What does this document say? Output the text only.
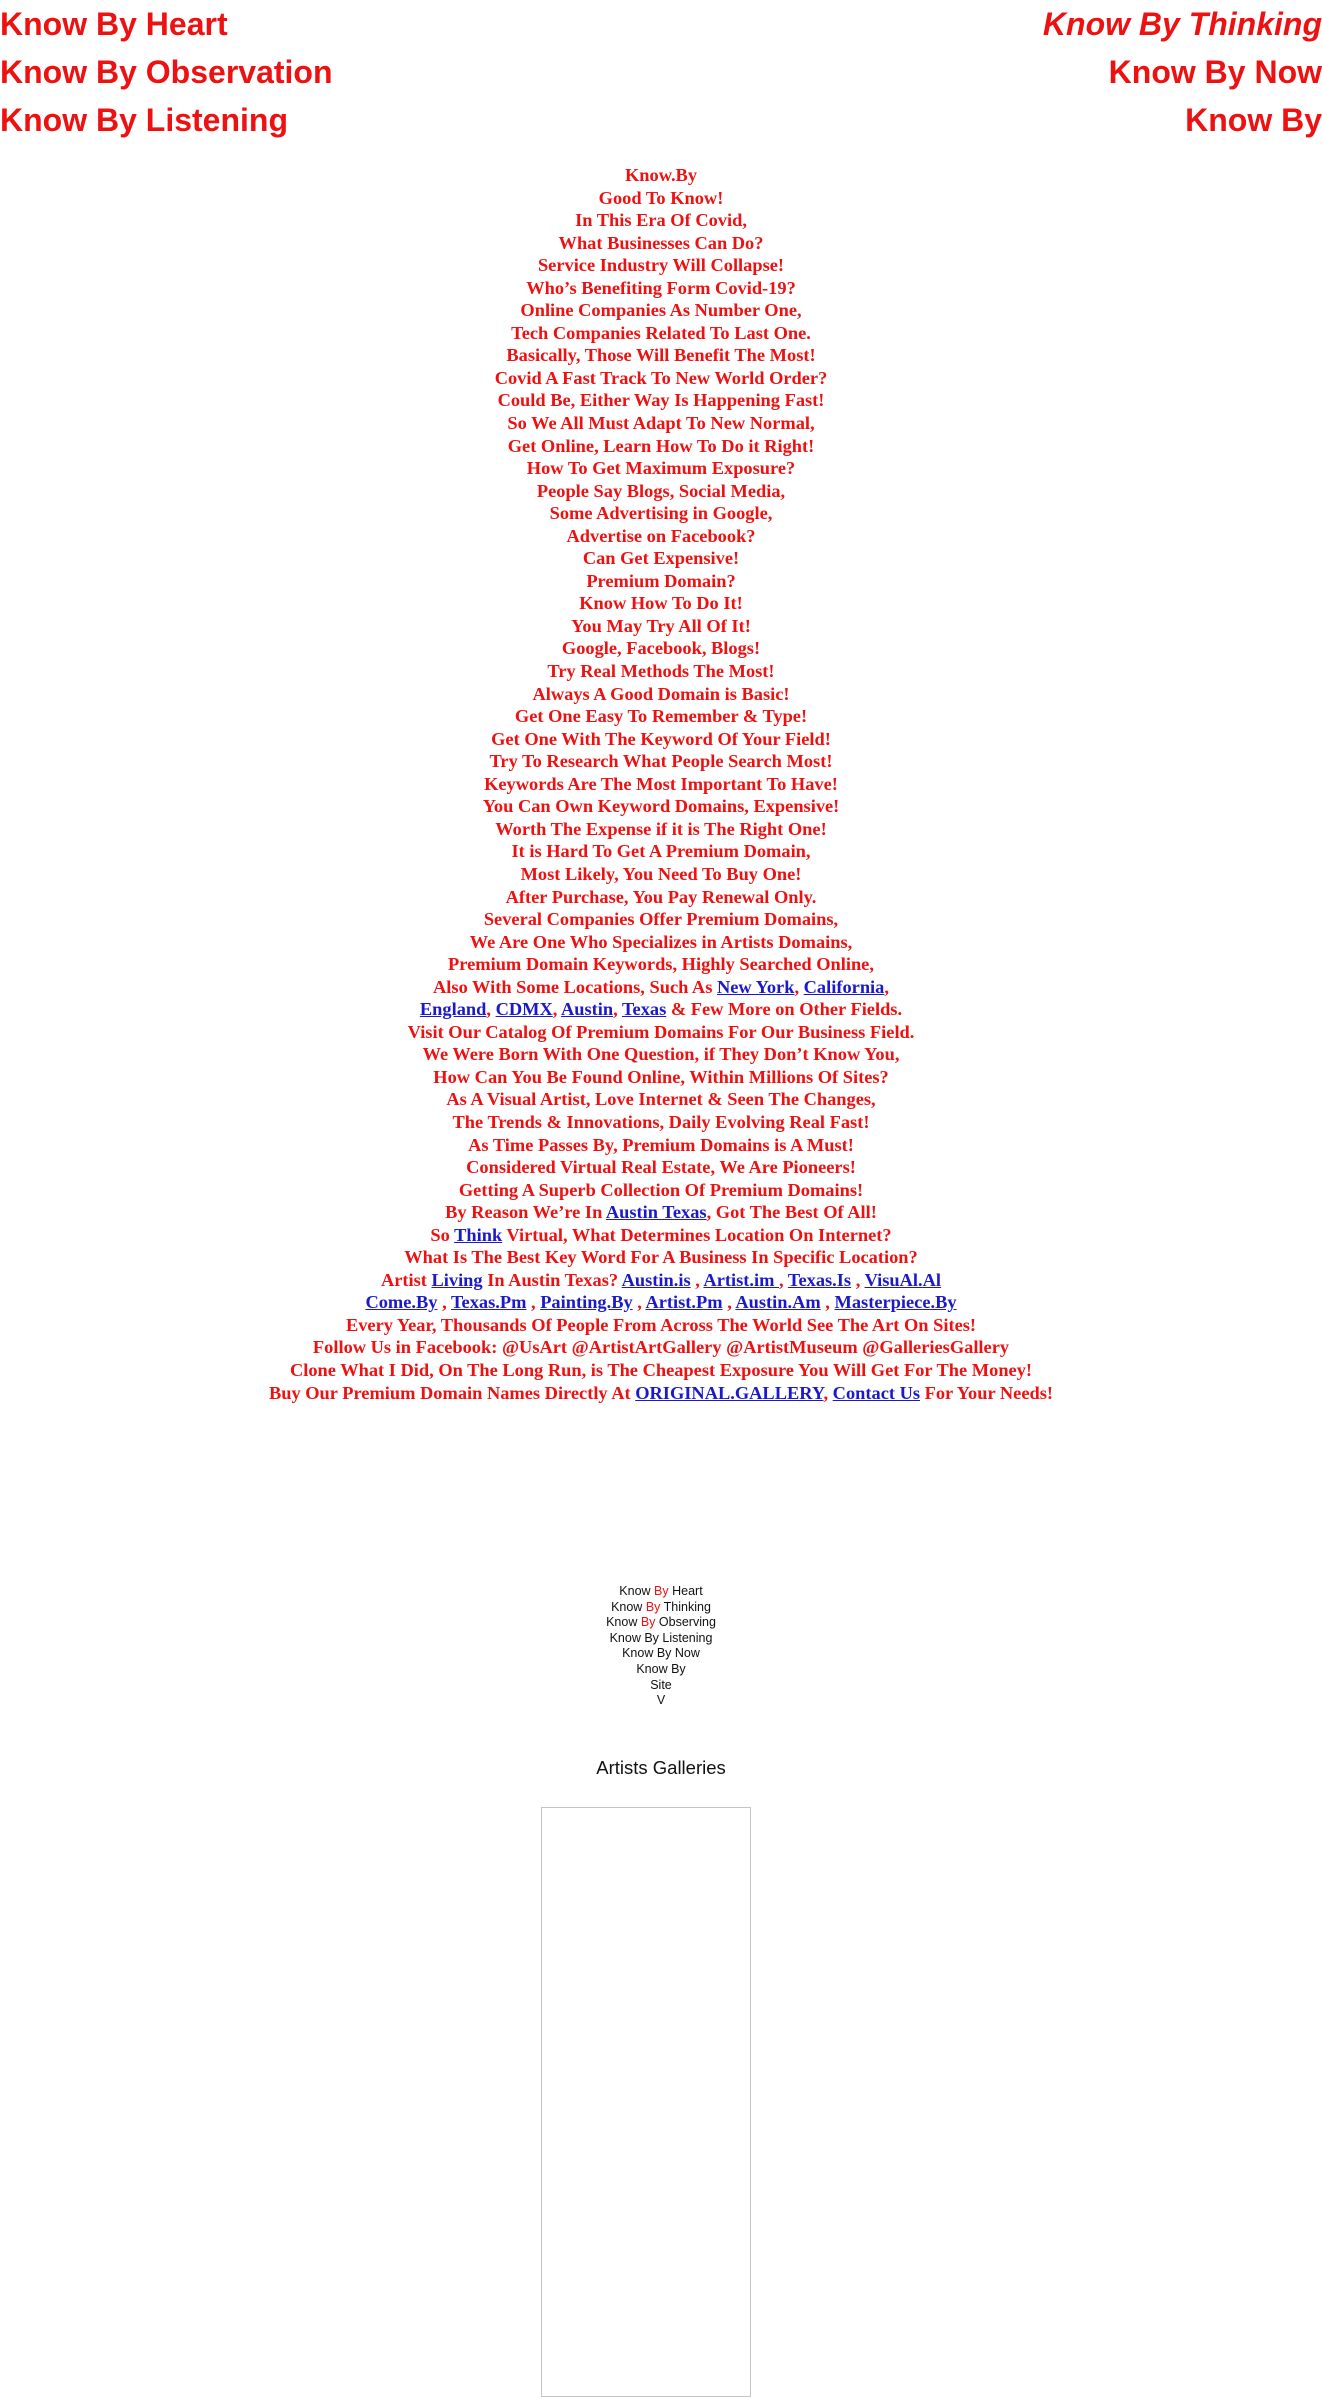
Know By Heart
Know By Observation
Know By Listening
Know By Thinking
Know By Now
Know By
Know.By
Good To Know!
In This Era Of Covid,
What Businesses Can Do?
Service Industry Will Collapse!
Who’s Benefiting Form Covid-19?
Online Companies As Number One,
Tech Companies Related To Last One.
Basically, Those Will Benefit The Most!
Covid A Fast Track To New World Order?
Could Be, Either Way Is Happening Fast!
So We All Must Adapt To New Normal,
Get Online, Learn How To Do it Right!
How To Get Maximum Exposure?
People Say Blogs, Social Media,
Some Advertising in Google,
Advertise on Facebook?
Can Get Expensive!
Premium Domain?
Know How To Do It!
You May Try All Of It!
Google, Facebook, Blogs!
Try Real Methods The Most!
Always A Good Domain is Basic!
Get One Easy To Remember & Type!
Get One With The Keyword Of Your Field!
Try To Research What People Search Most!
Keywords Are The Most Important To Have!
You Can Own Keyword Domains, Expensive!
Worth The Expense if it is The Right One!
It is Hard To Get A Premium Domain,
Most Likely, You Need To Buy One!
After Purchase, You Pay Renewal Only.
Several Companies Offer Premium Domains,
We Are One Who Specializes in Artists Domains,
Premium Domain Keywords, Highly Searched Online,
Also With Some Locations, Such As New York, California,
England, CDMX, Austin, Texas & Few More on Other Fields.
Visit Our Catalog Of Premium Domains For Our Business Field.
We Were Born With One Question, if They Don’t Know You,
How Can You Be Found Online, Within Millions Of Sites?
As A Visual Artist, Love Internet & Seen The Changes,
The Trends & Innovations, Daily Evolving Real Fast!
As Time Passes By, Premium Domains is A Must!
Considered Virtual Real Estate, We Are Pioneers!
Getting A Superb Collection Of Premium Domains!
By Reason We’re In Austin Texas, Got The Best Of All!
So Think Virtual, What Determines Location On Internet?
What Is The Best Key Word For A Business In Specific Location?
Artist Living In Austin Texas? Austin.is , Artist.im , Texas.Is , VisuAl.Al
Come.By , Texas.Pm , Painting.By , Artist.Pm , Austin.Am , Masterpiece.By
Every Year, Thousands Of People From Across The World See The Art On Sites!
Follow Us in Facebook: @UsArt @ArtistArtGallery @ArtistMuseum @GalleriesGallery
Clone What I Did, On The Long Run, is The Cheapest Exposure You Will Get For The Money!
Buy Our Premium Domain Names Directly At ORIGINAL.GALLERY, Contact Us For Your Needs!
Know By Heart
Know By Thinking
Know By Observing
Know By Listening
Know By Now
Know By
Site
V
Artists Galleries
